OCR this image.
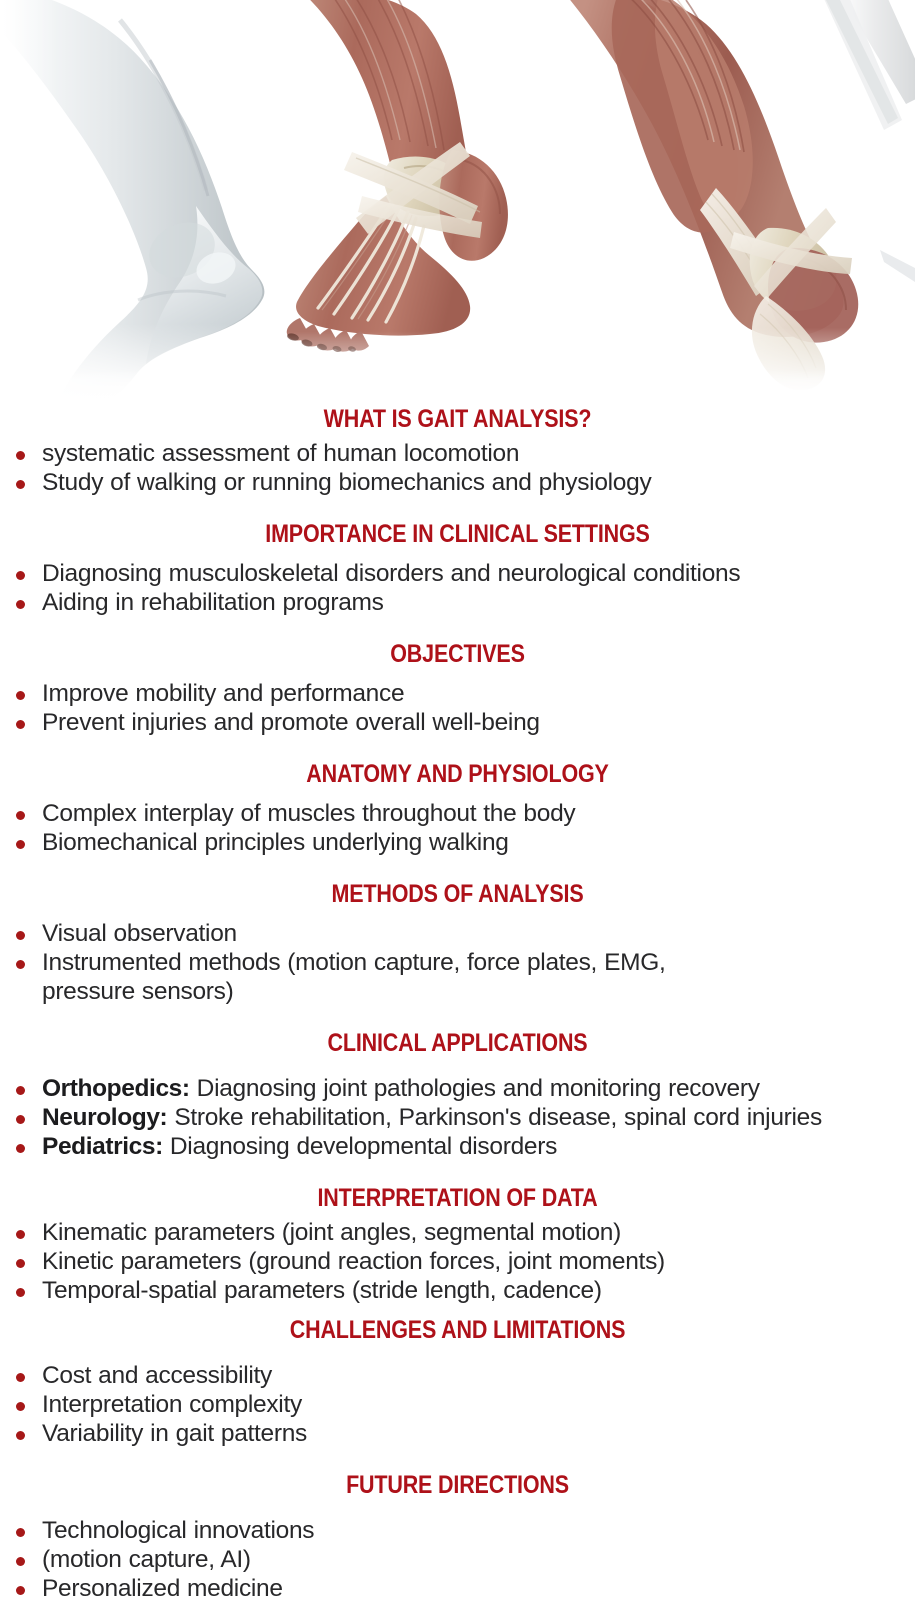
WHAT IS GAIT ANALYSIS?
systematic assessment of human locomotion
Study of walking or running biomechanics and physiology
IMPORTANCE IN CLINICAL SETTINGS
Diagnosing musculoskeletal disorders and neurological conditions
Aiding in rehabilitation programs
OBJECTIVES
Improve mobility and performance
Prevent injuries and promote overall well-being
ANATOMY AND PHYSIOLOGY
Complex interplay of muscles throughout the body
Biomechanical principles underlying walking
METHODS OF ANALYSIS
Visual observation
Instrumented methods (motion capture, force plates, EMG, pressure sensors)
CLINICAL APPLICATIONS
Orthopedics: Diagnosing joint pathologies and monitoring recovery
Neurology: Stroke rehabilitation, Parkinson's disease, spinal cord injuries
Pediatrics: Diagnosing developmental disorders
INTERPRETATION OF DATA
Kinematic parameters (joint angles, segmental motion)
Kinetic parameters (ground reaction forces, joint moments)
Temporal-spatial parameters (stride length, cadence)
CHALLENGES AND LIMITATIONS
Cost and accessibility
Interpretation complexity
Variability in gait patterns
FUTURE DIRECTIONS
Technological innovations
(motion capture, AI)
Personalized medicine
